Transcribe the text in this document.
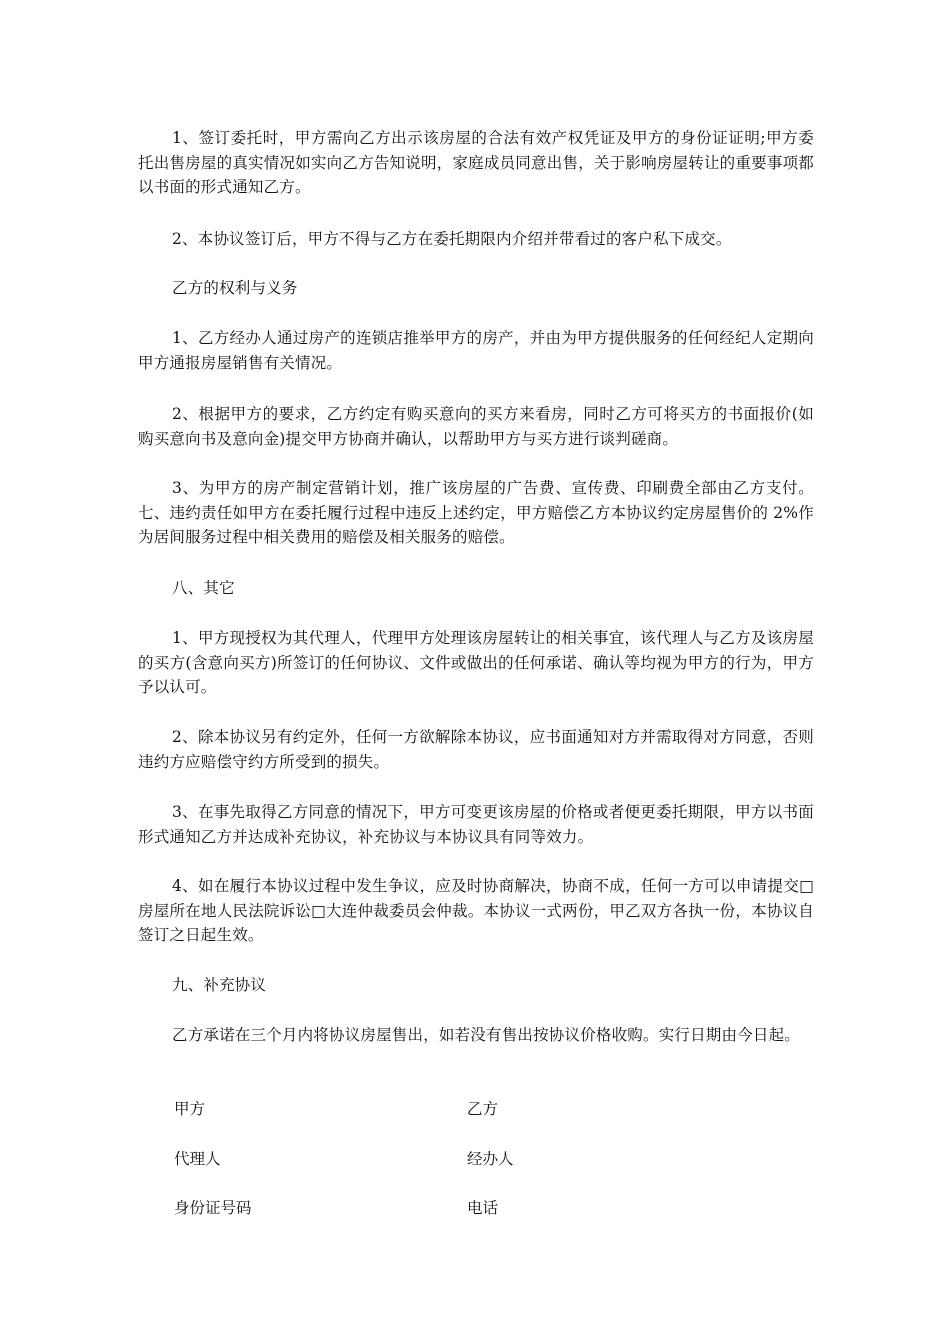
1、签订委托时，甲方需向乙方出示该房屋的合法有效产权凭证及甲方的身份证证明;甲方委托出售房屋的真实情况如实向乙方告知说明，家庭成员同意出售，关于影响房屋转让的重要事项都以书面的形式通知乙方。

2、本协议签订后，甲方不得与乙方在委托期限内介绍并带看过的客户私下成交。

乙方的权利与义务

1、乙方经办人通过房产的连锁店推举甲方的房产，并由为甲方提供服务的任何经纪人定期向甲方通报房屋销售有关情况。

2、根据甲方的要求，乙方约定有购买意向的买方来看房，同时乙方可将买方的书面报价(如购买意向书及意向金)提交甲方协商并确认，以帮助甲方与买方进行谈判磋商。

3、为甲方的房产制定营销计划，推广该房屋的广告费、宣传费、印刷费全部由乙方支付。七、违约责任如甲方在委托履行过程中违反上述约定，甲方赔偿乙方本协议约定房屋售价的 2%作为居间服务过程中相关费用的赔偿及相关服务的赔偿。

八、其它

1、甲方现授权为其代理人，代理甲方处理该房屋转让的相关事宜，该代理人与乙方及该房屋的买方(含意向买方)所签订的任何协议、文件或做出的任何承诺、确认等均视为甲方的行为，甲方予以认可。

2、除本协议另有约定外，任何一方欲解除本协议，应书面通知对方并需取得对方同意，否则违约方应赔偿守约方所受到的损失。

3、在事先取得乙方同意的情况下，甲方可变更该房屋的价格或者便更委托期限，甲方以书面形式通知乙方并达成补充协议，补充协议与本协议具有同等效力。

4、如在履行本协议过程中发生争议，应及时协商解决，协商不成，任何一方可以申请提交□房屋所在地人民法院诉讼□大连仲裁委员会仲裁。本协议一式两份，甲乙双方各执一份，本协议自签订之日起生效。

九、补充协议

乙方承诺在三个月内将协议房屋售出，如若没有售出按协议价格收购。实行日期由今日起。

甲方	乙方
代理人	经办人
身份证号码	电话
